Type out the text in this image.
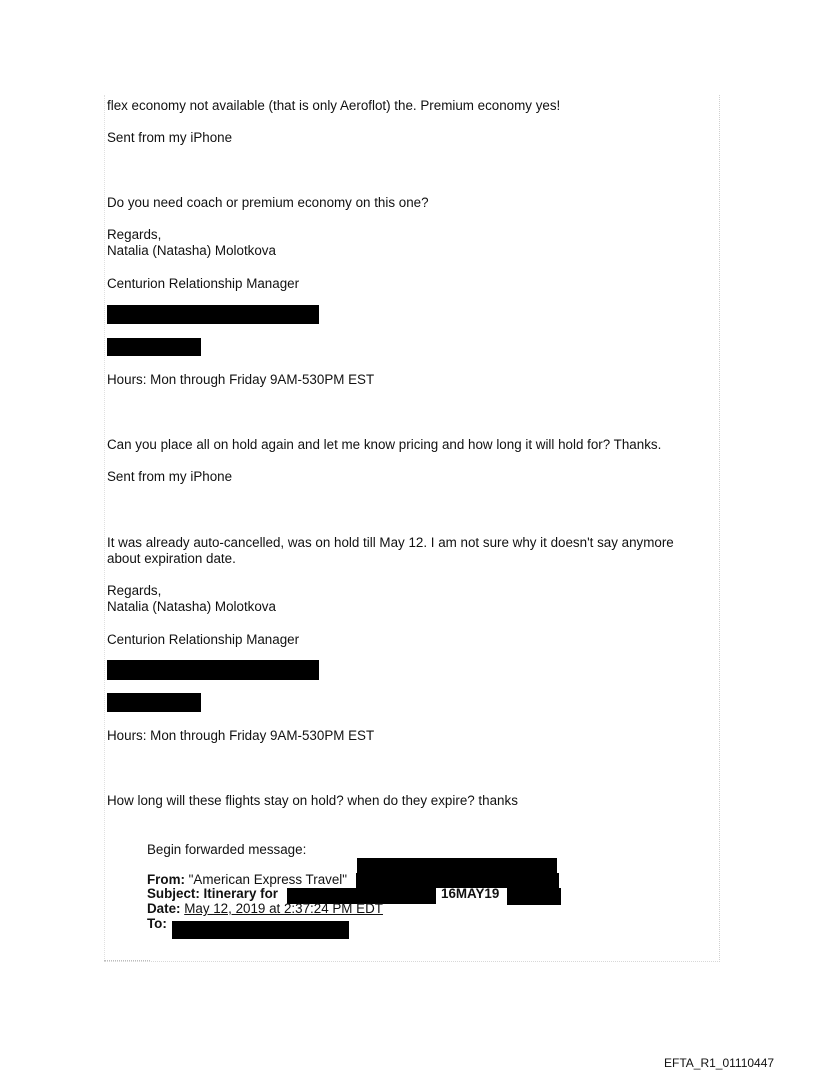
flex economy not available (that is only Aeroflot) the. Premium economy yes!
Sent from my iPhone
Do you need coach or premium economy on this one?
Regards,
Natalia (Natasha) Molotkova
Centurion Relationship Manager
Hours: Mon through Friday 9AM-530PM EST
Can you place all on hold again and let me know pricing and how long it will hold for? Thanks.
Sent from my iPhone
It was already auto-cancelled, was on hold till May 12. I am not sure why it doesn't say anymore
about expiration date.
Regards,
Natalia (Natasha) Molotkova
Centurion Relationship Manager
Hours: Mon through Friday 9AM-530PM EST
How long will these flights stay on hold? when do they expire? thanks
Begin forwarded message:
From: "American Express Travel"
Subject: Itinerary for	16MAY19
Date: May 12, 2019 at 2:37:24 PM EDT
To:
EFTA_R1_01110447
